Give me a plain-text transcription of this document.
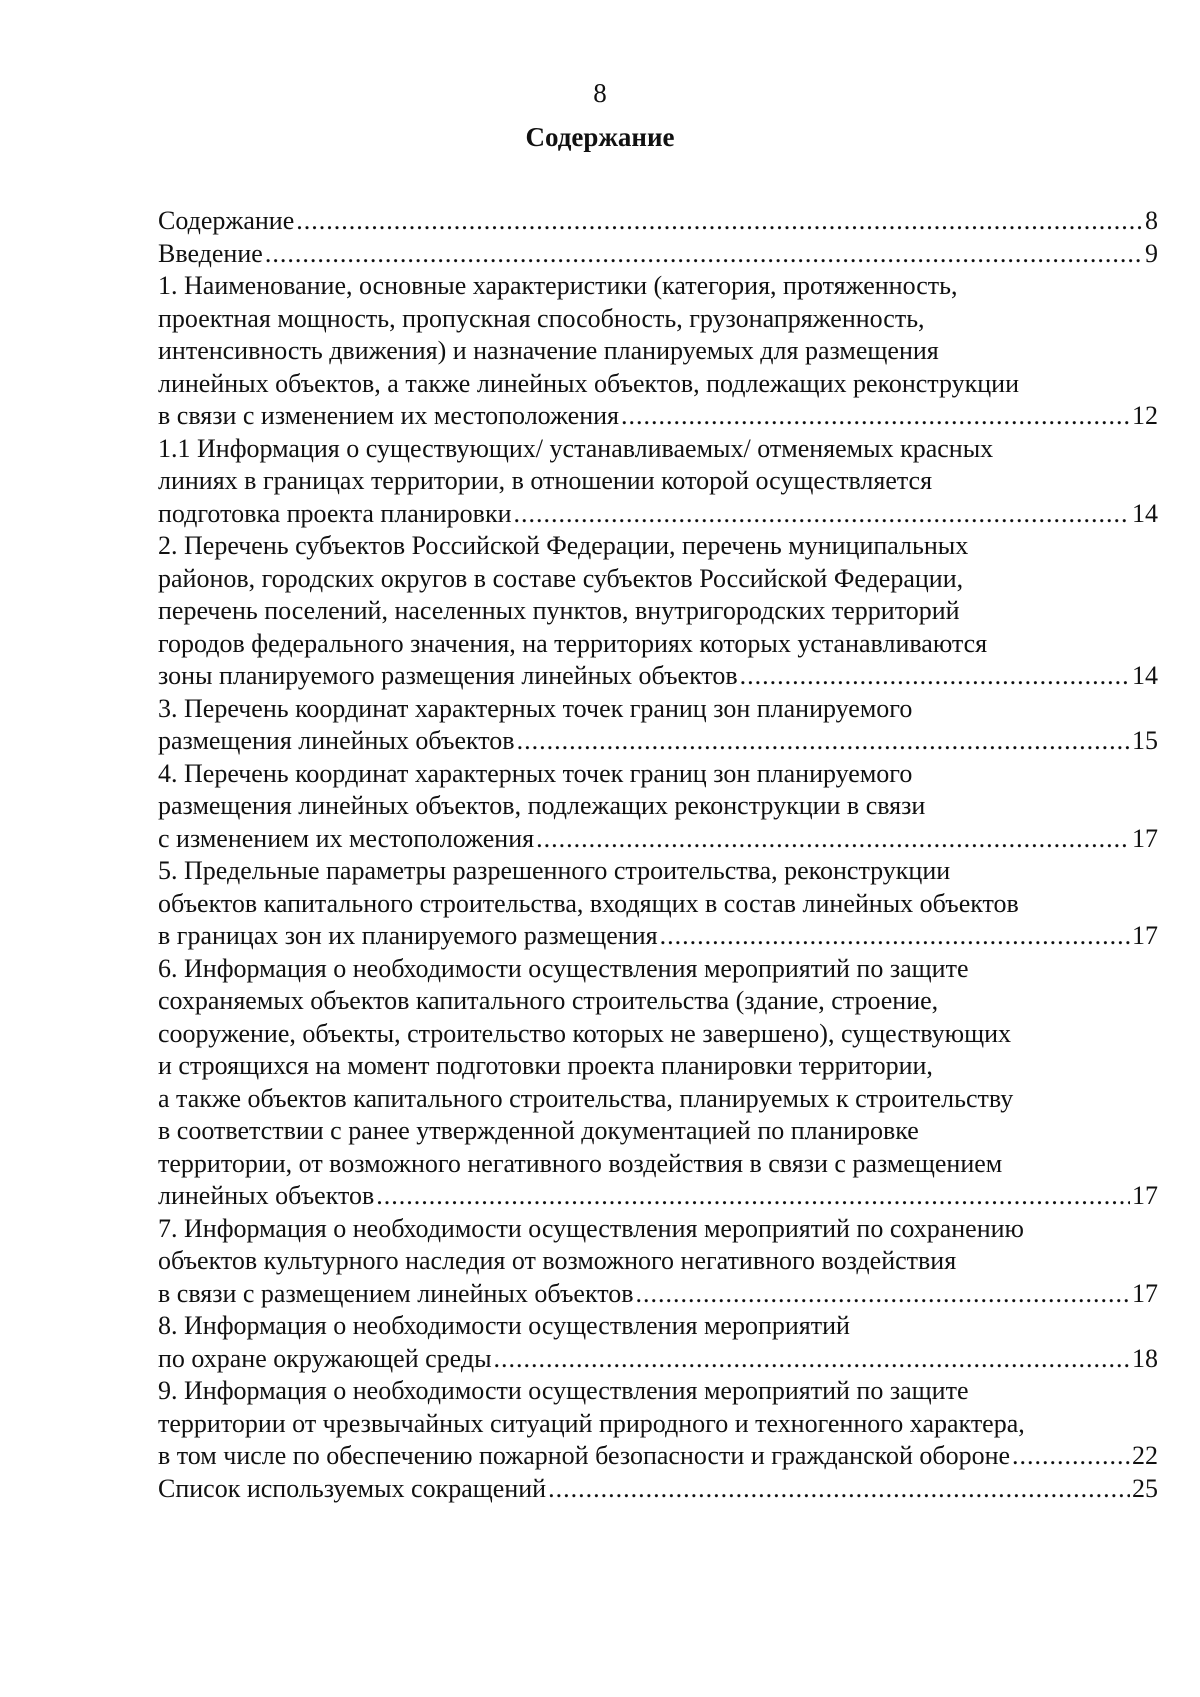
8
Содержание
Содержание .....	8
Введение .....	9
1. Наименование, основные характеристики (категория, протяженность,
проектная мощность, пропускная способность, грузонапряженность,
интенсивность движения) и назначение планируемых для размещения
линейных объектов, а также линейных объектов, подлежащих реконструкции
в связи с изменением их местоположения .....	12
1.1 Информация о существующих/ устанавливаемых/ отменяемых красных
линиях в границах территории, в отношении которой осуществляется
подготовка проекта планировки .....	14
2. Перечень субъектов Российской Федерации, перечень муниципальных
районов, городских округов в составе субъектов Российской Федерации,
перечень поселений, населенных пунктов, внутригородских территорий
городов федерального значения, на территориях которых устанавливаются
зоны планируемого размещения линейных объектов .....	14
3. Перечень координат характерных точек границ зон планируемого
размещения линейных объектов .....	15
4. Перечень координат характерных точек границ зон планируемого
размещения линейных объектов, подлежащих реконструкции в связи
с изменением их местоположения .....	17
5. Предельные параметры разрешенного строительства, реконструкции
объектов капитального строительства, входящих в состав линейных объектов
в границах зон их планируемого размещения .....	17
6. Информация о необходимости осуществления мероприятий по защите
сохраняемых объектов капитального строительства (здание, строение,
сооружение, объекты, строительство которых не завершено), существующих
и строящихся на момент подготовки проекта планировки территории,
а также объектов капитального строительства, планируемых к строительству
в соответствии с ранее утвержденной документацией по планировке
территории, от возможного негативного воздействия в связи с размещением
линейных объектов .....	17
7. Информация о необходимости осуществления мероприятий по сохранению
объектов культурного наследия от возможного негативного воздействия
в связи с размещением линейных объектов .....	17
8. Информация о необходимости осуществления мероприятий
по охране окружающей среды .....	18
9. Информация о необходимости осуществления мероприятий по защите
территории от чрезвычайных ситуаций природного и техногенного характера,
в том числе по обеспечению пожарной безопасности и гражданской обороне .....	22
Список используемых сокращений .....	25
